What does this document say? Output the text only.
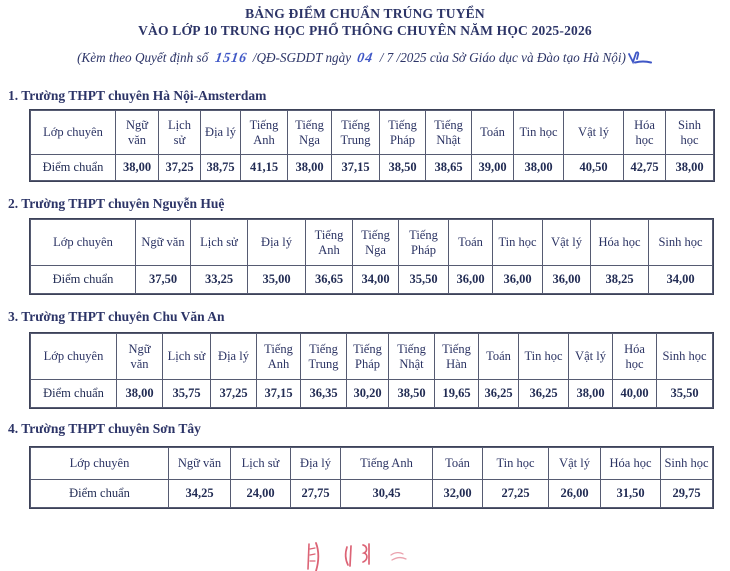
BẢNG ĐIỂM CHUẨN TRÚNG TUYỂN
VÀO LỚP 10 TRUNG HỌC PHỔ THÔNG CHUYÊN NĂM HỌC 2025-2026
(Kèm theo Quyết định số 1516 /QĐ-SGDDT ngày 04 / 7 /2025 của Sở Giáo dục và Đào tạo Hà Nội)
1. Trường THPT chuyên Hà Nội-Amsterdam
2. Trường THPT chuyên Nguyễn Huệ
3. Trường THPT chuyên Chu Văn An
4. Trường THPT chuyên Sơn Tây
Lớp chuyên	Ngữ văn	Lịch sử	Địa lý	Tiếng Anh	Tiếng Nga	Tiếng Trung	Tiếng Pháp	Tiếng Nhật	Toán	Tin học	Vật lý	Hóa học	Sinh học
Điểm chuẩn	38,00	37,25	38,75	41,15	38,00	37,15	38,50	38,65	39,00	38,00	40,50	42,75	38,00
Lớp chuyên	Ngữ văn	Lịch sử	Địa lý	Tiếng Anh	Tiếng Nga	Tiếng Pháp	Toán	Tin học	Vật lý	Hóa học	Sinh học
Điểm chuẩn	37,50	33,25	35,00	36,65	34,00	35,50	36,00	36,00	36,00	38,25	34,00
Lớp chuyên	Ngữ văn	Lịch sử	Địa lý	Tiếng Anh	Tiếng Trung	Tiếng Pháp	Tiếng Nhật	Tiếng Hàn	Toán	Tin học	Vật lý	Hóa học	Sinh học
Điểm chuẩn	38,00	35,75	37,25	37,15	36,35	30,20	38,50	19,65	36,25	36,25	38,00	40,00	35,50
Lớp chuyên	Ngữ văn	Lịch sử	Địa lý	Tiếng Anh	Toán	Tin học	Vật lý	Hóa học	Sinh học
Điểm chuẩn	34,25	24,00	27,75	30,45	32,00	27,25	26,00	31,50	29,75
